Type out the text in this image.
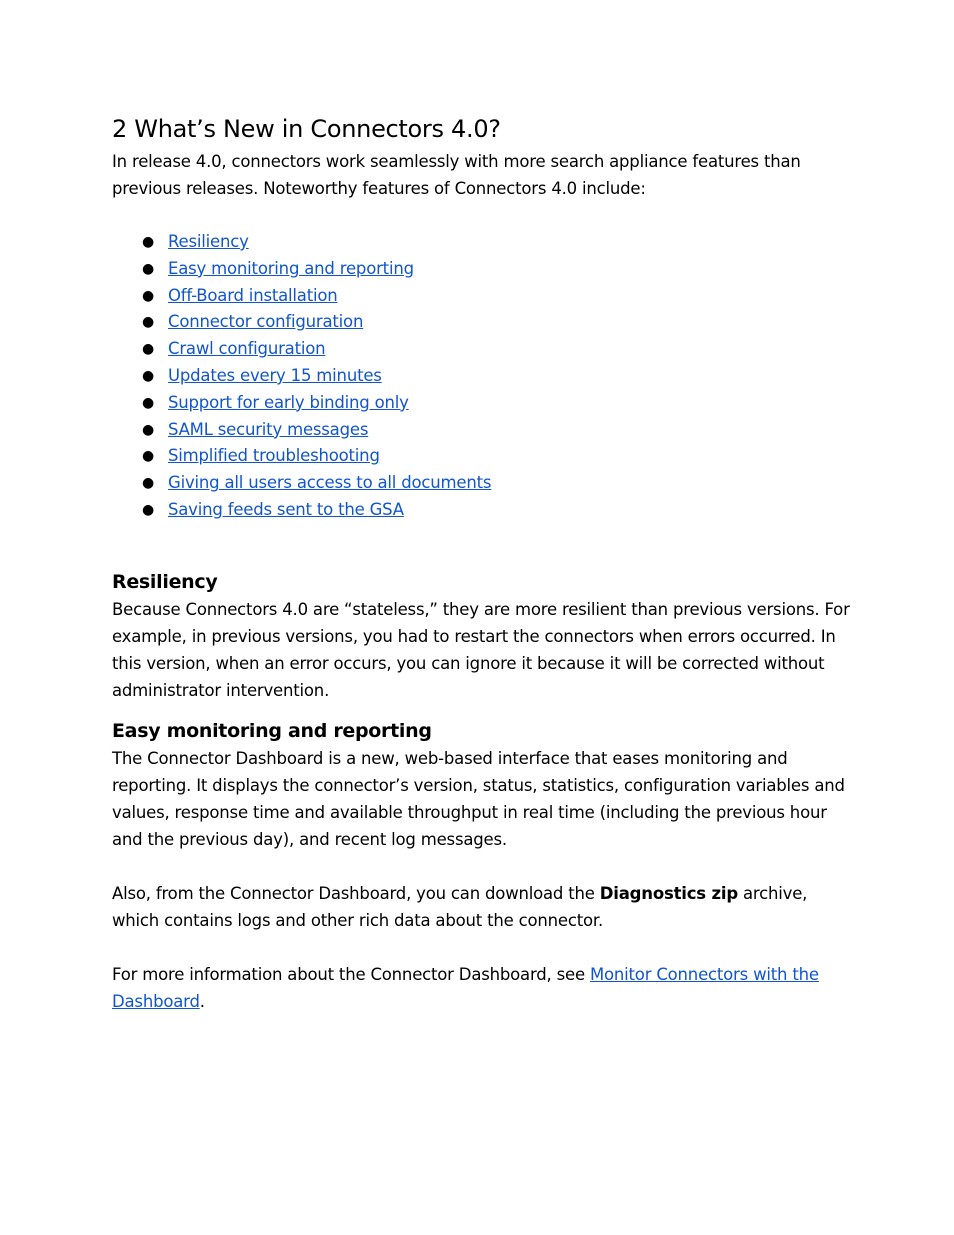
2 What’s New in Connectors 4.0?

In release 4.0, connectors work seamlessly with more search appliance features than previous releases. Noteworthy features of Connectors 4.0 include:

● Resiliency
● Easy monitoring and reporting
● Off-Board installation
● Connector configuration
● Crawl configuration
● Updates every 15 minutes
● Support for early binding only
● SAML security messages
● Simplified troubleshooting
● Giving all users access to all documents
● Saving feeds sent to the GSA
Resiliency

Because Connectors 4.0 are “stateless,” they are more resilient than previous versions. For example, in previous versions, you had to restart the connectors when errors occurred. In this version, when an error occurs, you can ignore it because it will be corrected without administrator intervention.

Easy monitoring and reporting

The Connector Dashboard is a new, web-based interface that eases monitoring and reporting. It displays the connector’s version, status, statistics, configuration variables and values, response time and available throughput in real time (including the previous hour and the previous day), and recent log messages.

Also, from the Connector Dashboard, you can download the Diagnostics zip archive, which contains logs and other rich data about the connector.

For more information about the Connector Dashboard, see Monitor Connectors with the Dashboard.
